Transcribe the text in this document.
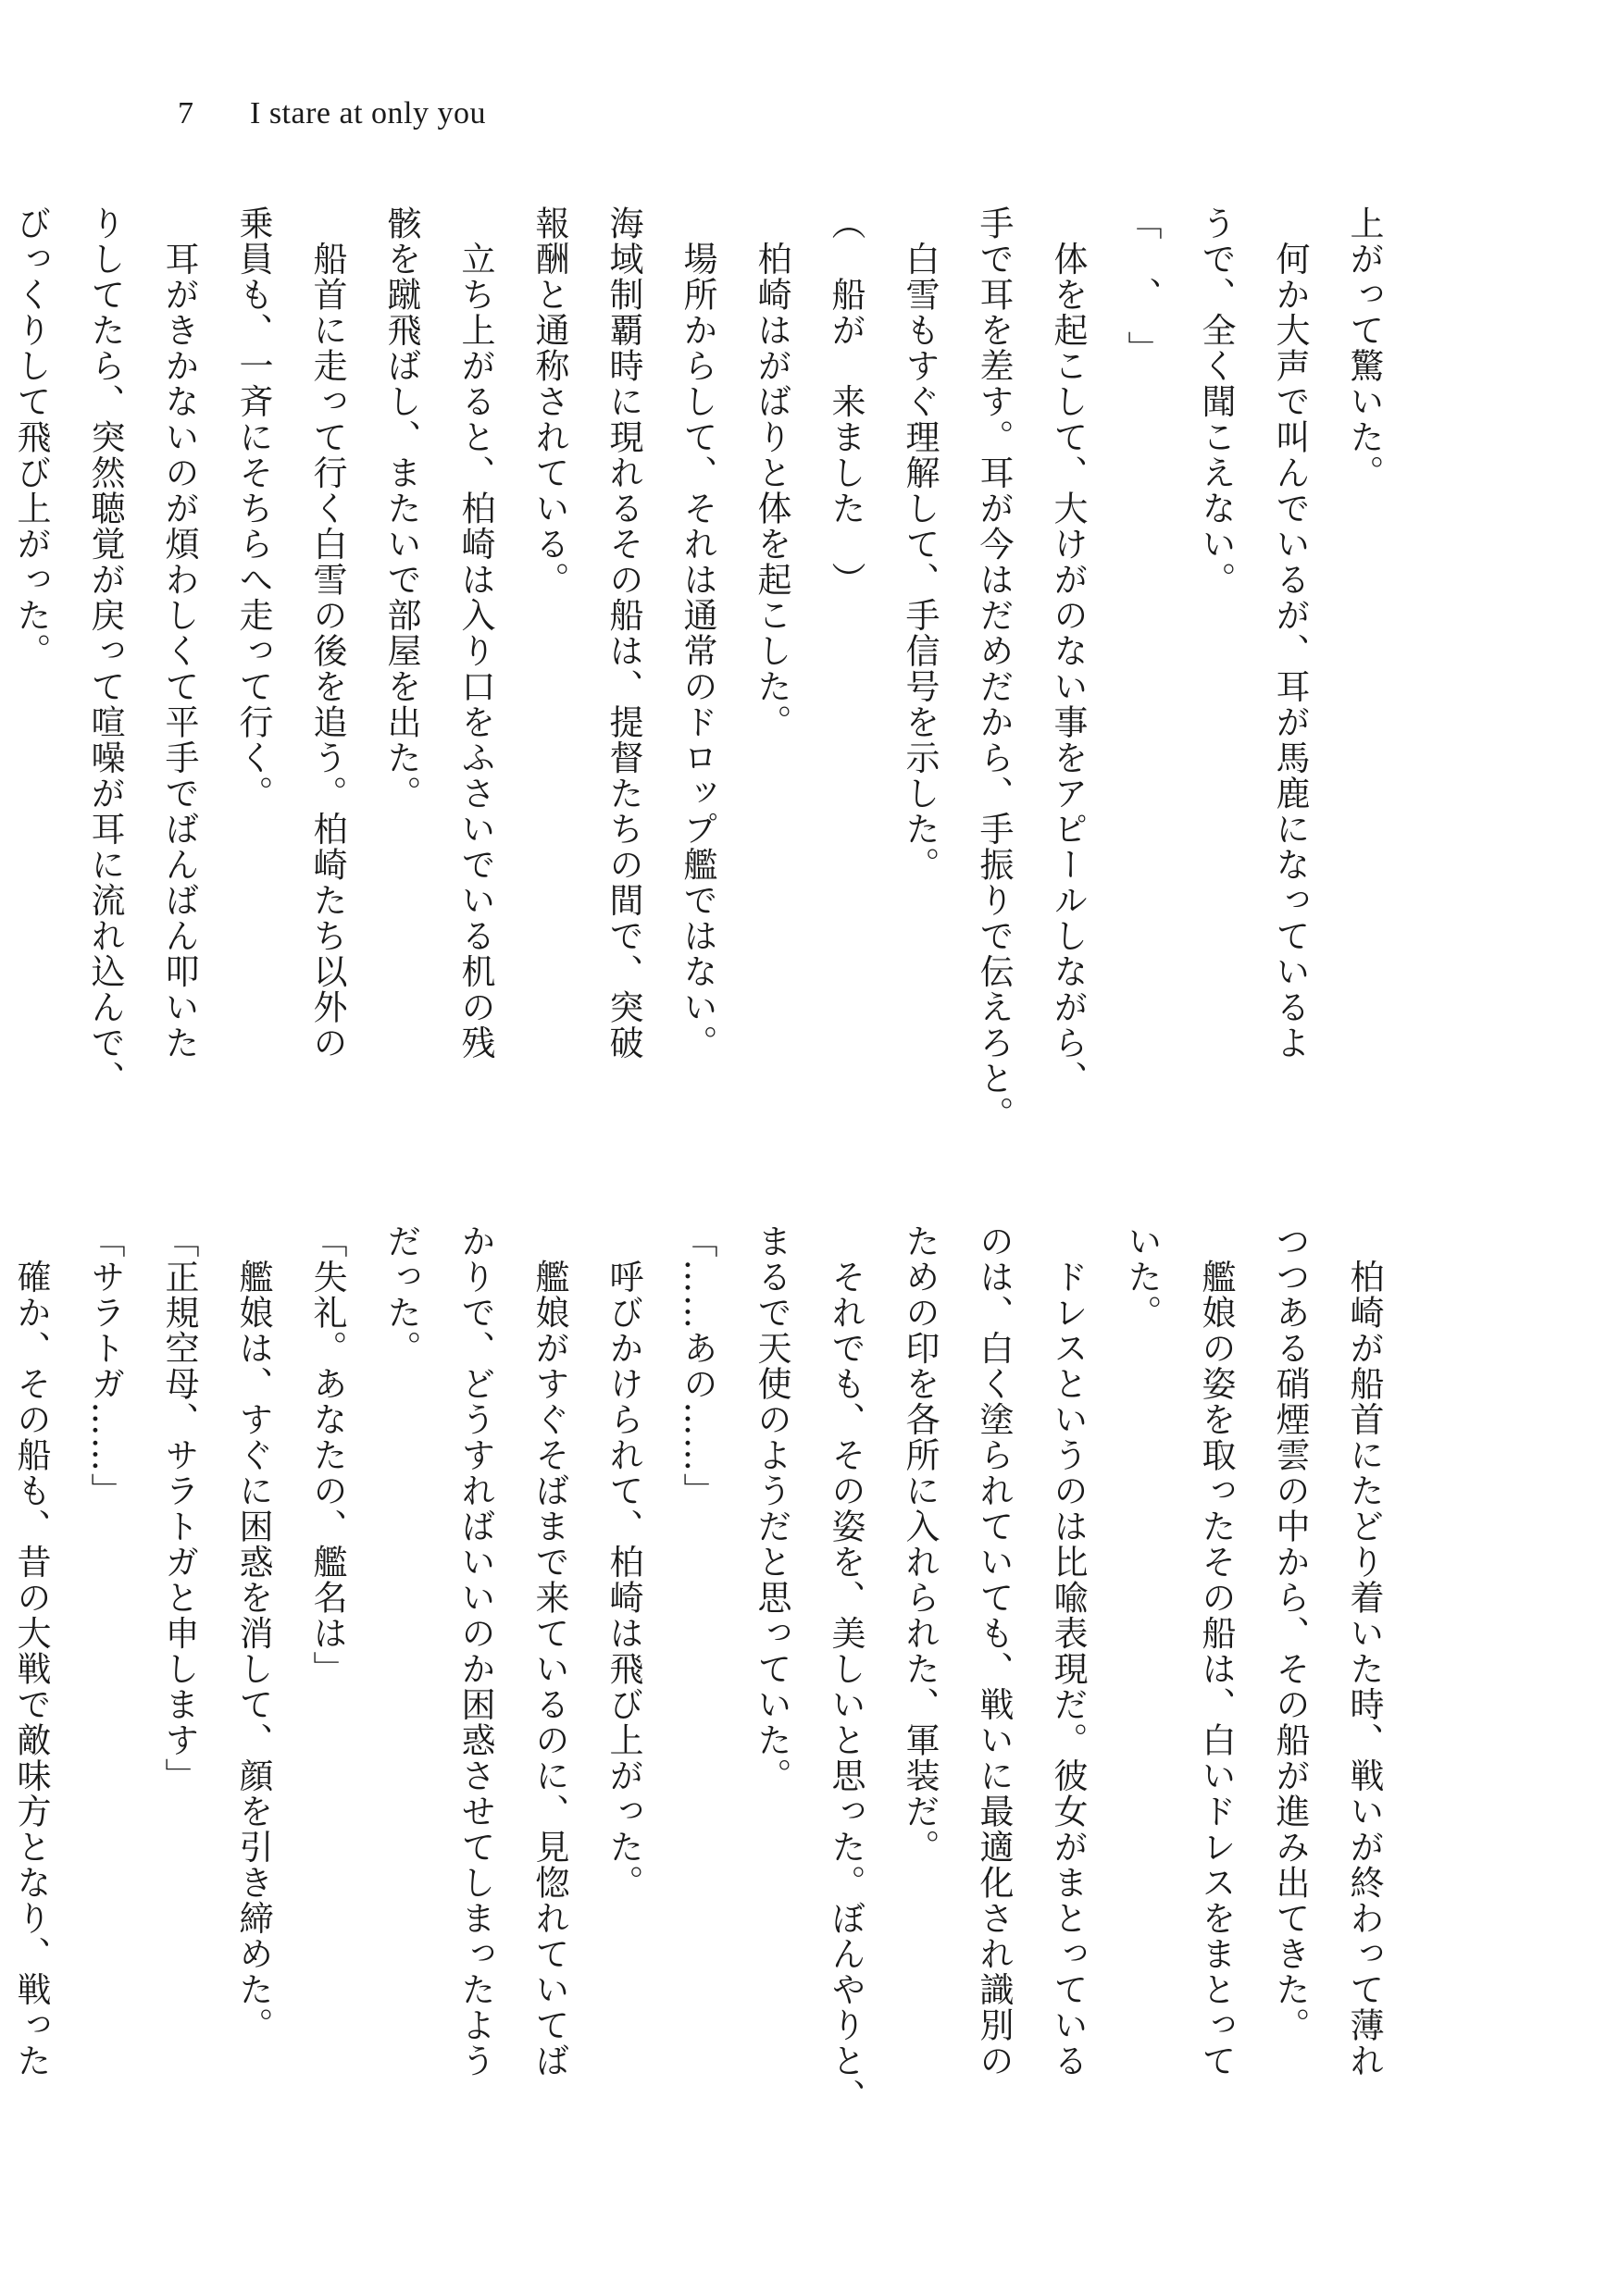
7 I stare at only you
上がって驚いた。
　何か大声で叫んでいるが、耳が馬鹿になっているよ
うで、全く聞こえない。
「　、　」
　体を起こして、大けがのない事をアピールしながら、
手で耳を差す。耳が今はだめだから、手振りで伝えろと。
　白雪もすぐ理解して、手信号を示した。
（　船が　来ました　）
　柏崎はがばりと体を起こした。
　場所からして、それは通常のドロップ艦ではない。
海域制覇時に現れるその船は、提督たちの間で、突破
報酬と通称されている。
　立ち上がると、柏崎は入り口をふさいでいる机の残
骸を蹴飛ばし、またいで部屋を出た。
　船首に走って行く白雪の後を追う。柏崎たち以外の
乗員も、一斉にそちらへ走って行く。
　耳がきかないのが煩わしくて平手でばんばん叩いた
りしてたら、突然聴覚が戻って喧噪が耳に流れ込んで、
びっくりして飛び上がった。
　柏崎が船首にたどり着いた時、戦いが終わって薄れ
つつある硝煙雲の中から、その船が進み出てきた。
　艦娘の姿を取ったその船は、白いドレスをまとって
いた。
　ドレスというのは比喩表現だ。彼女がまとっている
のは、白く塗られていても、戦いに最適化され識別の
ための印を各所に入れられた、軍装だ。
　それでも、その姿を、美しいと思った。ぼんやりと、
まるで天使のようだと思っていた。
「……あの……」
　呼びかけられて、柏崎は飛び上がった。
　艦娘がすぐそばまで来ているのに、見惚れていてば
かりで、どうすればいいのか困惑させてしまったよう
だった。
「失礼。あなたの、艦名は」
　艦娘は、すぐに困惑を消して、顔を引き締めた。
「正規空母、サラトガと申します」
「サラトガ……」
　確か、その船も、昔の大戦で敵味方となり、戦った
